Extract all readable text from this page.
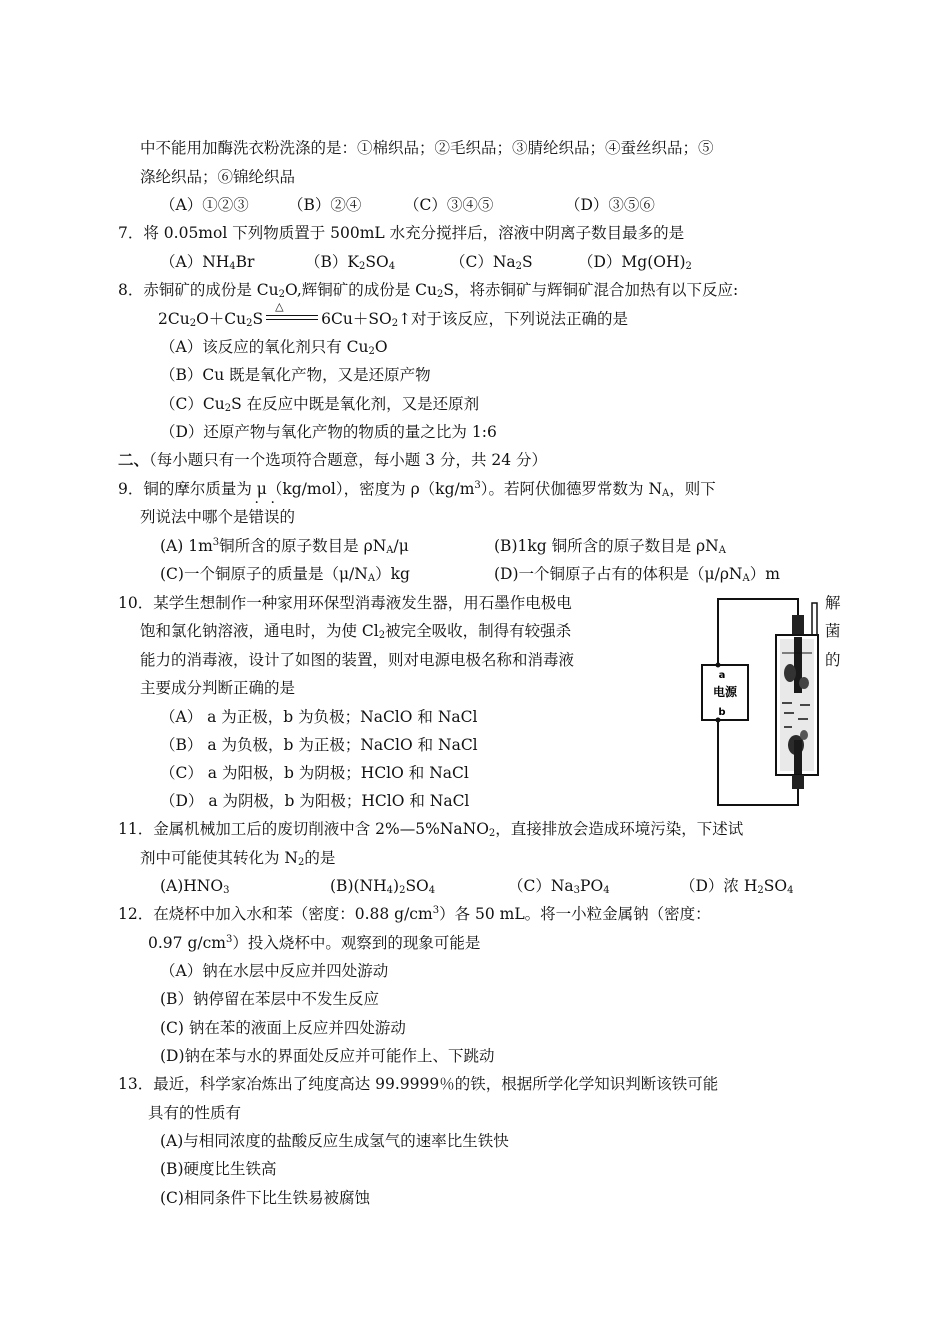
中不能用加酶洗衣粉洗涤的是：①棉织品；②毛织品；③腈纶织品；④蚕丝织品；⑤
涤纶织品；⑥锦纶织品
（A）①②③	（B）②④	（C）③④⑤	（D）③⑤⑥
7．将 0.05mol 下列物质置于 500mL 水充分搅拌后，溶液中阴离子数目最多的是
$(A)NH_4Br$	$(B)K_2SO_4$	$(C)Na_2S$	$(D)Mg(OH)_2$
8．赤铜矿的成份是 $Cu_2O$,辉铜矿的成份是 $Cu_2S$，将赤铜矿与辉铜矿混合加热有以下反应:
$2Cu_2O+Cu_2S$
△
$6Cu+SO_2↑$对于该反应，下列说法正确的是
（A）该反应的氧化剂只有 $Cu_2O$
（B）Cu 既是氧化产物，又是还原产物
$(C)Cu_2S$ 在反应中既是氧化剂，又是还原剂
（D）还原产物与氧化产物的物质的量之比为 1:6
二、（每小题只有一个选项符合题意，每小题 3 分，共 24 分）
9．铜的摩尔质量为 μ（kg/mol），密度为 $\rho(kg/m^3)$。若阿伏伽德罗常数为 $N_A$，则下
列说法中哪个是错误
· ·
的
(A) $1m^3$铜所含的原子数目是 $\rho N_A/\mu$	(B)1kg 铜所含的原子数目是 $\rho N_A$
(C)一个铜原子的质量是$(\mu/N_A)kg$	(D)一个铜原子占有的体积是$(\mu/\rho N_A)m$
10．某学生想制作一种家用环保型消毒液发生器，用石墨作电极电	解
饱和氯化钠溶液，通电时，为使 $Cl_2$被完全吸收，制得有较强杀	菌
能力的消毒液，设计了如图的装置，则对电源电极名称和消毒液	的
主要成分判断正确的是
（A） a 为正极，b 为负极；NaClO 和 NaCl
（B） a 为负极，b 为正极；NaClO 和 NaCl
（C） a 为阳极，b 为阴极；HClO 和 NaCl
（D） a 为阴极，b 为阳极；HClO 和 NaCl
a
电源
b
11．金属机械加工后的废切削液中含 2%—5%NaNO$_2$，直接排放会造成环境污染，下述试
剂中可能使其转化为 $N_2$的是
$(A)HNO_3$	$(B)(NH_4)_2SO_4$	$(C)Na_3PO_4$	（D）浓 $H_2SO_4$
12．在烧杯中加入水和苯（密度：0.88 $g/cm^3$）各 50 mL。将一小粒金属钠（密度：
0.97 $g/cm^3$）投入烧杯中。观察到的现象可能是
（A）钠在水层中反应并四处游动
(B）钠停留在苯层中不发生反应
(C) 钠在苯的液面上反应并四处游动
(D)钠在苯与水的界面处反应并可能作上、下跳动
13．最近，科学家冶炼出了纯度高达 99.9999％的铁，根据所学化学知识判断该铁可能
具有的性质有
(A)与相同浓度的盐酸反应生成氢气的速率比生铁快
(B)硬度比生铁高
(C)相同条件下比生铁易被腐蚀
